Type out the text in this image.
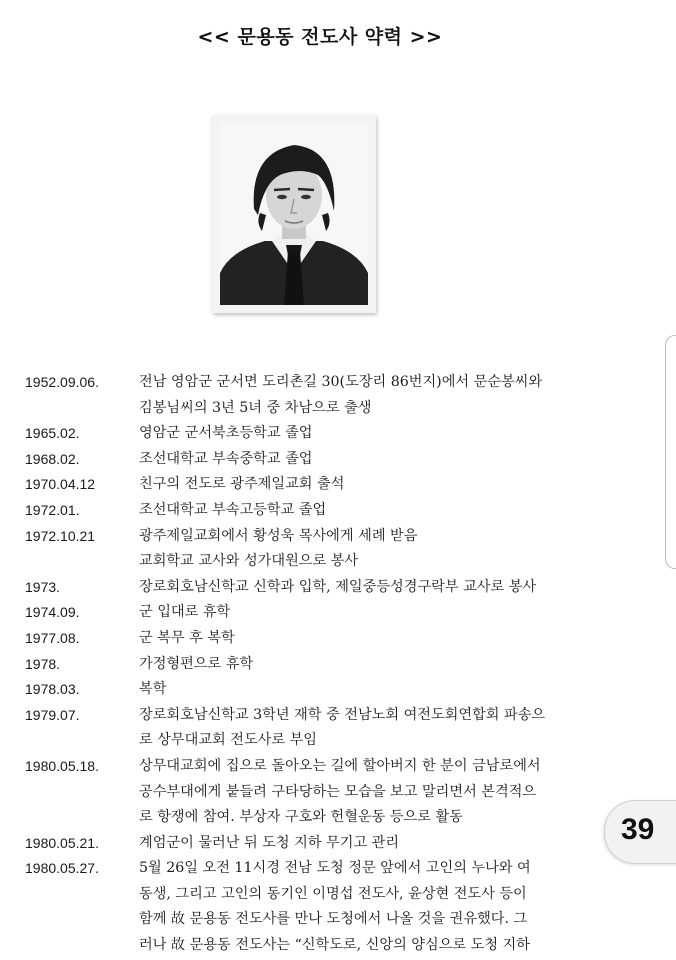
<< 문용동 전도사 약력 >>
1952.09.06.	전남 영암군 군서면 도리촌길 30(도장리 86번지)에서 문순봉씨와
김봉님씨의 3년 5녀 중 차남으로 출생
1965.02.	영암군 군서북초등학교 졸업
1968.02.	조선대학교 부속중학교 졸업
1970.04.12	친구의 전도로 광주제일교회 출석
1972.01.	조선대학교 부속고등학교 졸업
1972.10.21	광주제일교회에서 황성욱 목사에게 세례 받음
교회학교 교사와 성가대원으로 봉사
1973.	장로회호남신학교 신학과 입학, 제일중등성경구락부 교사로 봉사
1974.09.	군 입대로 휴학
1977.08.	군 복무 후 복학
1978.	가정형편으로 휴학
1978.03.	복학
1979.07.	장로회호남신학교 3학년 재학 중 전남노회 여전도회연합회 파송으
로 상무대교회 전도사로 부임
1980.05.18.	상무대교회에 집으로 돌아오는 길에 할아버지 한 분이 금남로에서
공수부대에게 붙들려 구타당하는 모습을 보고 말리면서 본격적으
로 항쟁에 참여. 부상자 구호와 헌혈운동 등으로 활동
1980.05.21.	계엄군이 물러난 뒤 도청 지하 무기고 관리
1980.05.27.	5월 26일 오전 11시경 전남 도청 정문 앞에서 고인의 누나와 여
동생, 그리고 고인의 동기인 이명섭 전도사, 윤상현 전도사 등이
함께 故 문용동 전도사를 만나 도청에서 나올 것을 권유했다. 그
러나 故 문용동 전도사는 “신학도로, 신앙의 양심으로 도청 지하
39
